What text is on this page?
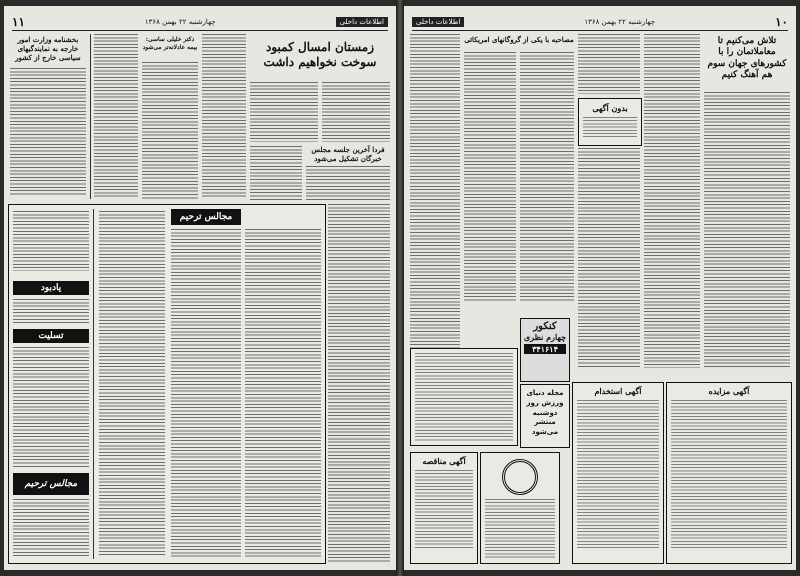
۱۱	چهارشنبه ۲۲ بهمن ۱۳۶۸	اطلاعات داخلی
بخشنامه وزارت امور خارجه به نمایندگیهای سیاسی خارج از کشور
دکتر خلیلی ساسی: بیمه عادلانه‌تر می‌شود	زمستان امسال کمبود سوخت نخواهیم داشت
فردا آخرین جلسه مجلس خبرگان تشکیل می‌شود
یادبود
تسلیت
مجالس ترحیم
مجالس ترحیم
اطلاعات داخلی	چهارشنبه ۲۲ بهمن ۱۳۶۸	۱۰
مصاحبه با یکی از گروگانهای امریکائی
بدون آگهی
تلاش می‌کنیم تا معاملاتمان را با کشورهای جهان سوم هم آهنگ کنیم
کنکور
چهارم نظری
۳۴۱۶۱۴
مجله دنیای ورزش روز دوشنبه منتشر می‌شود
آگهی مناقصه
آگهی استخدام	آگهی مزایده
